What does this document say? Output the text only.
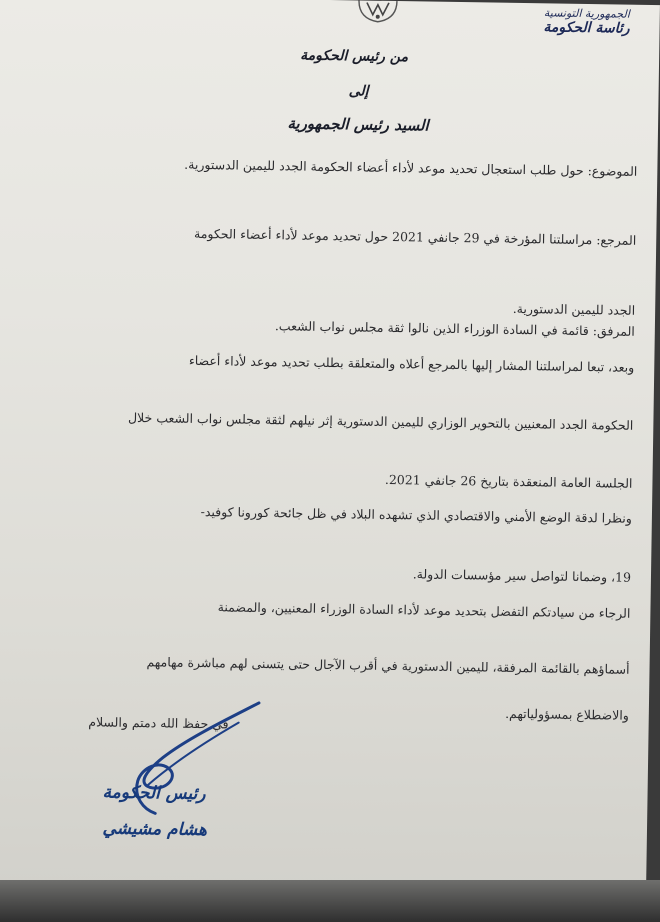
الجمهورية التونسية
رئاسة الحكومة
من رئيس الحكومة
إلى
السيد رئيس الجمهورية
الموضوع: حول طلب استعجال تحديد موعد لأداء أعضاء الحكومة الجدد لليمين الدستورية.
المرجع: مراسلتنا المؤرخة في 29 جانفي 2021 حول تحديد موعد لأداء أعضاء الحكومة
الجدد لليمين الدستورية.
المرفق: قائمة في السادة الوزراء الذين نالوا ثقة مجلس نواب الشعب.
وبعد، تبعا لمراسلتنا المشار إليها بالمرجع أعلاه والمتعلقة بطلب تحديد موعد لأداء أعضاء
الحكومة الجدد المعنيين بالتحوير الوزاري لليمين الدستورية إثر نيلهم لثقة مجلس نواب الشعب خلال
الجلسة العامة المنعقدة بتاريخ 26 جانفي 2021.
ونظرا لدقة الوضع الأمني والاقتصادي الذي تشهده البلاد في ظل جائحة كورونا كوفيد-
19، وضمانا لتواصل سير مؤسسات الدولة.
الرجاء من سيادتكم التفضل بتحديد موعد لأداء السادة الوزراء المعنيين، والمضمنة
أسماؤهم بالقائمة المرفقة، لليمين الدستورية في أقرب الآجال حتى يتسنى لهم مباشرة مهامهم
والاضطلاع بمسؤولياتهم.
في حفظ الله دمتم والسلام
رئيس الحكومة
هشام مشيشي
